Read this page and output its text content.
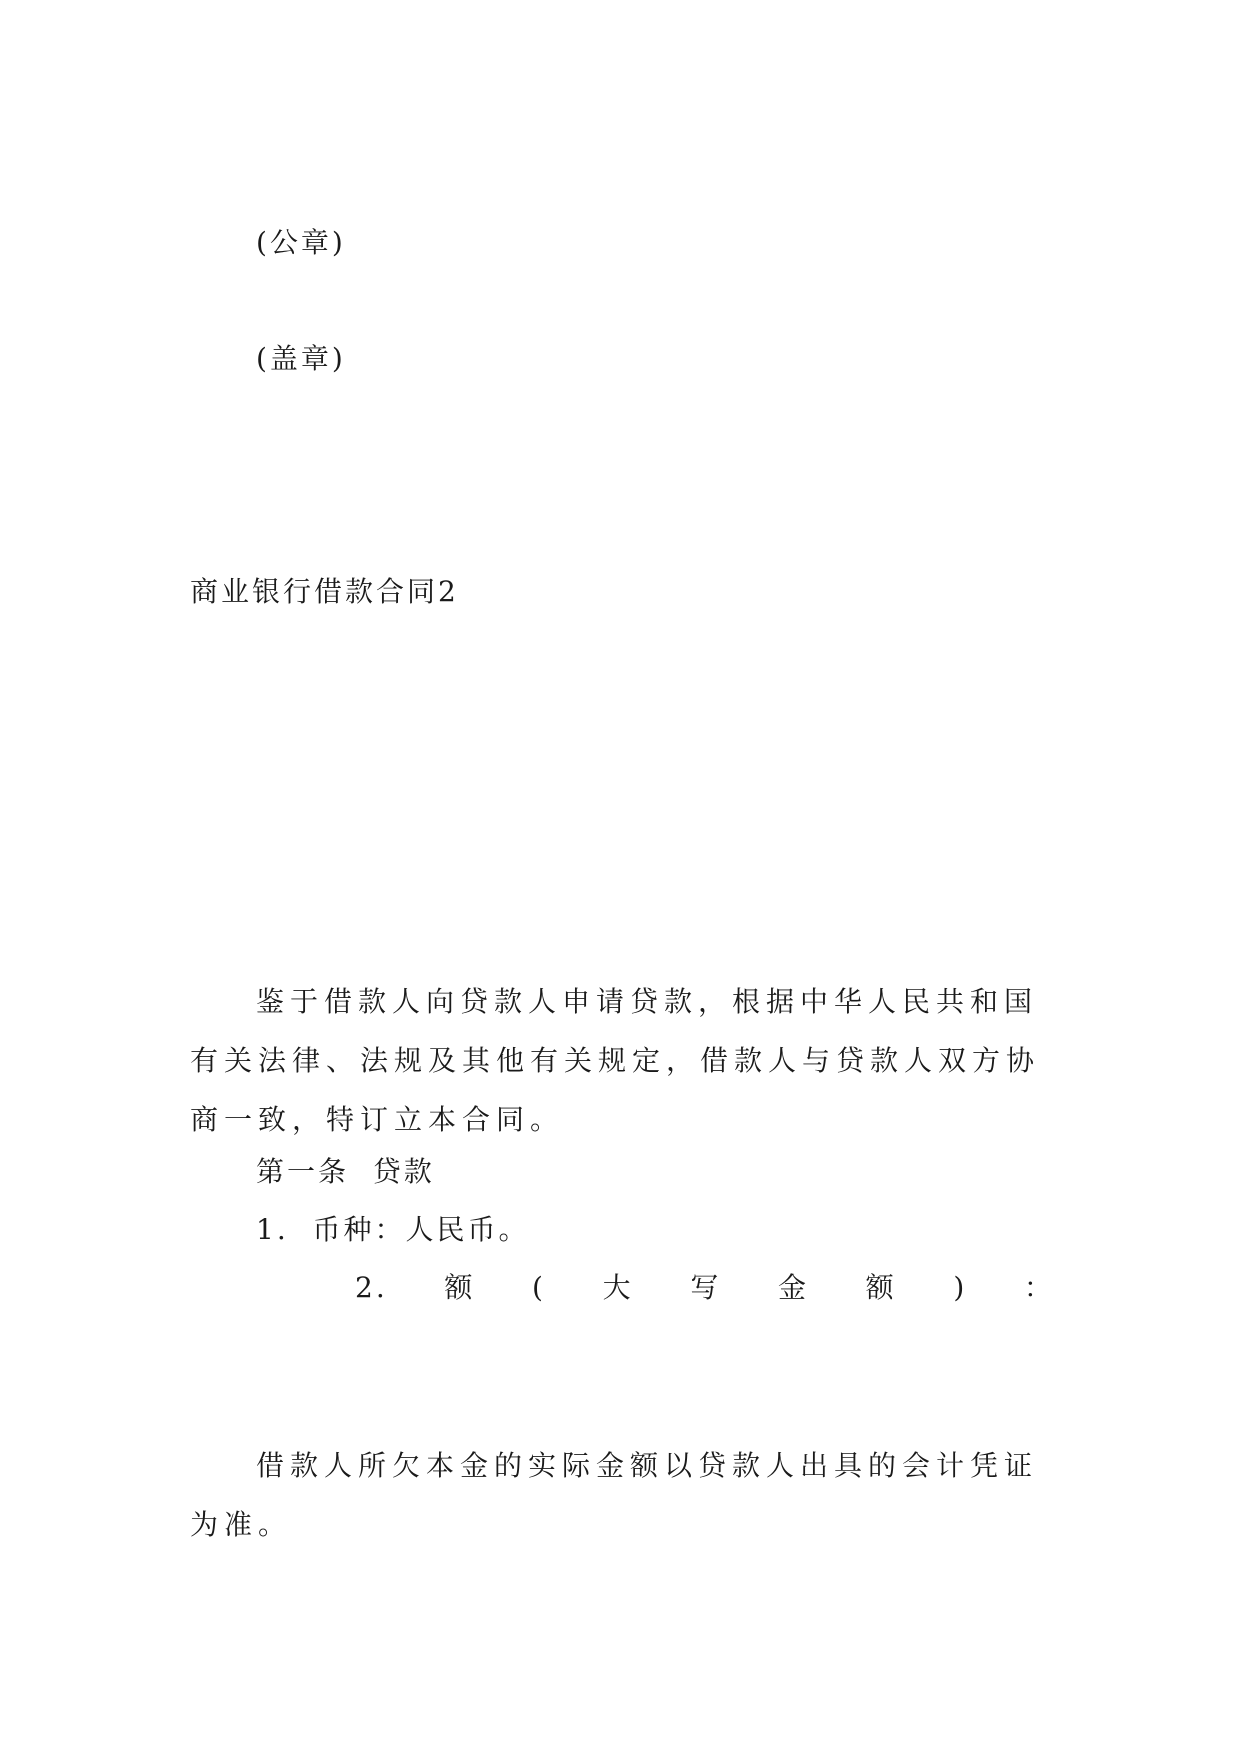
(公章)

(盖章)

商业银行借款合同2

鉴于借款人向贷款人申请贷款，根据中华人民共和国有关法律、法规及其他有关规定，借款人与贷款人双方协商一致，特订立本合同。
第一条  贷款
1.  币种：人民币。
2. 额 ( 大 写 金 额 ) ：

借款人所欠本金的实际金额以贷款人出具的会计凭证为准。
